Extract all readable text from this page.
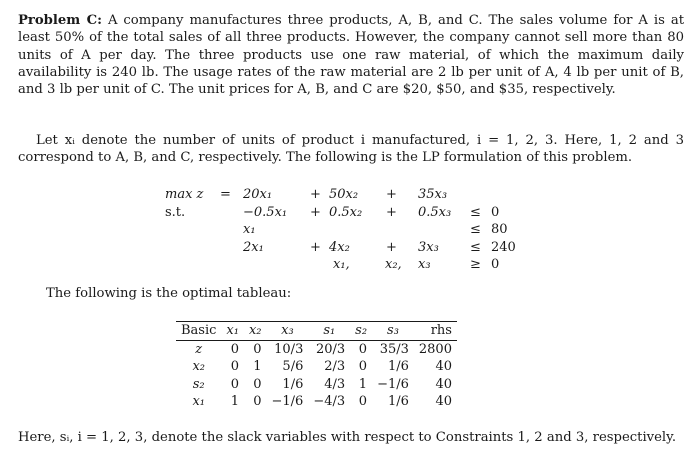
Problem C: A company manufactures three products, A, B, and C. The sales volume for A is at least 50% of the total sales of all three products. However, the company cannot sell more than 80 units of A per day. The three products use one raw material, of which the maximum daily availability is 240 lb. The usage rates of the raw material are 2 lb per unit of A, 4 lb per unit of B, and 3 lb per unit of C. The unit prices for A, B, and C are $20, $50, and $35, respectively.
Let xᵢ denote the number of units of product i manufactured, i = 1, 2, 3. Here, 1, 2 and 3 correspond to A, B, and C, respectively. The following is the LP formulation of this problem.
max z = 20x₁	+ 50x₂ + 35x₃
s.t.	−0.5x₁ + 0.5x₂ + 0.5x₃ ≤ 0
x₁	≤ 80
2x₁	+ 4x₂	+ 3x₃ ≤ 240
x₁,	x₂, x₃	≥ 0
The following is the optimal tableau:
Basic	x₁	x₂	x₃	s₁	s₂	s₃	rhs
z	0	0	10/3	20/3	0	35/3	2800
x₂	0	1	5/6	2/3	0	1/6	40
s₂	0	0	1/6	4/3	1	−1/6	40
x₁	1	0	−1/6	−4/3	0	1/6	40
Here, sᵢ, i = 1, 2, 3, denote the slack variables with respect to Constraints 1, 2 and 3, respectively.
